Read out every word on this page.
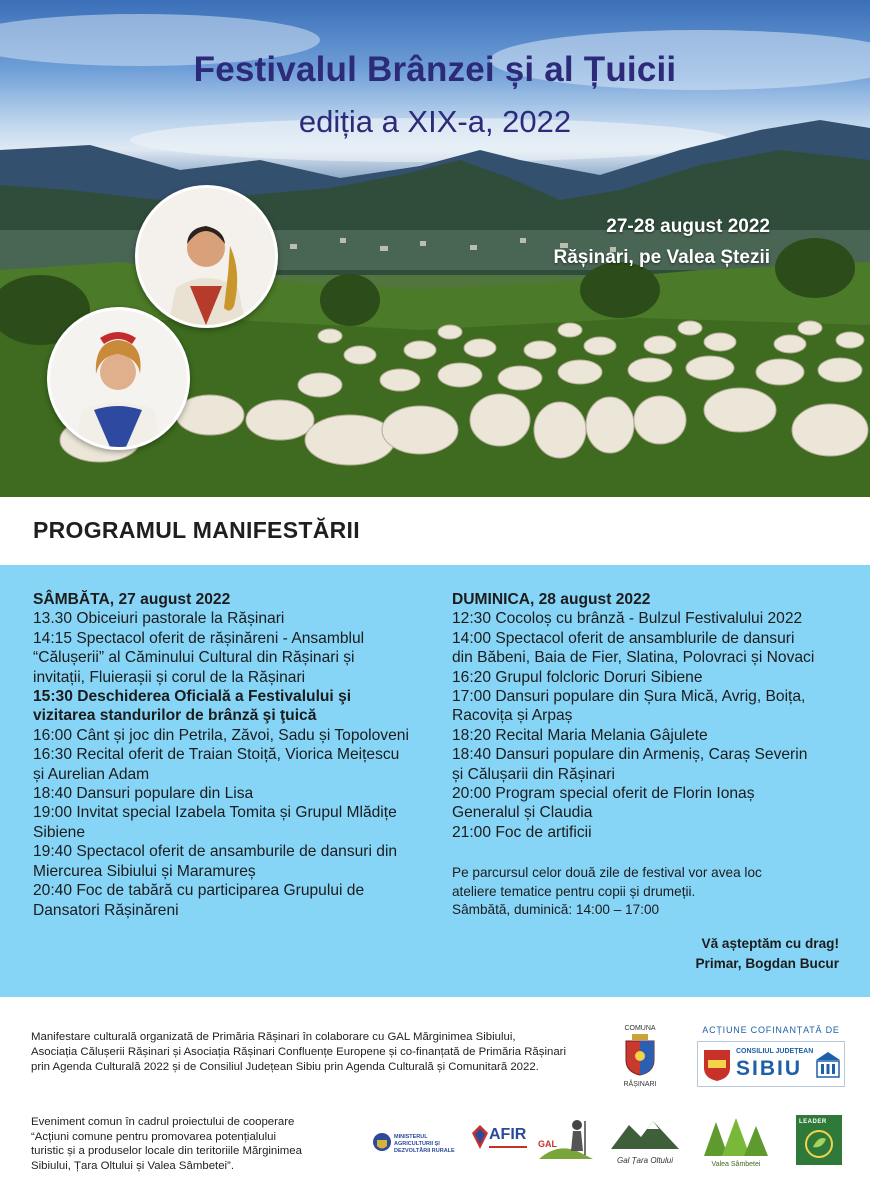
Festivalul Brânzei și al Țuicii
ediția a XIX-a, 2022
27-28 august 2022
Rășinari, pe Valea Ștezii
PROGRAMUL MANIFESTĂRII
SÂMBĂTA, 27 august 2022
13.30 Obiceiuri pastorale la Rășinari
14:15 Spectacol oferit de rășinăreni - Ansamblul
“Călușerii” al Căminului Cultural din Rășinari și
invitații, Fluierașii și corul de la Rășinari
15:30 Deschiderea Oficială a Festivalului şi
vizitarea standurilor de brânză şi ţuică
16:00 Cânt și joc din Petrila, Zăvoi, Sadu și Topoloveni
16:30 Recital oferit de Traian Stoiță, Viorica Meițescu
și Aurelian Adam
18:40 Dansuri populare din Lisa
19:00 Invitat special Izabela Tomita și Grupul Mlădițe
Sibiene
19:40 Spectacol oferit de ansamburile de dansuri din
Miercurea Sibiului și Maramureș
20:40 Foc de tabără cu participarea Grupului de
Dansatori Rășinăreni
DUMINICA, 28 august 2022
12:30 Cocoloș cu brânză - Bulzul Festivalului 2022
14:00 Spectacol oferit de ansamblurile de dansuri
din Băbeni, Baia de Fier, Slatina, Polovraci și Novaci
16:20 Grupul folcloric Doruri Sibiene
17:00 Dansuri populare din Șura Mică, Avrig, Boița,
Racovița și Arpaș
18:20 Recital Maria Melania Gâjulete
18:40 Dansuri populare din Armeniș, Caraș Severin
și Călușarii din Rășinari
20:00 Program special oferit de Florin Ionaș
Generalul și Claudia
21:00 Foc de artificii
Pe parcursul celor două zile de festival vor avea loc
ateliere tematice pentru copii și drumeții.
Sâmbătă, duminică: 14:00 – 17:00
Vă așteptăm cu drag!
Primar, Bogdan Bucur
Manifestare culturală organizată de Primăria Rășinari în colaborare cu GAL Mărginimea Sibiului,
Asociația Călușerii Rășinari și Asociația Rășinari Confluențe Europene și co-finanțată de Primăria Rășinari
prin Agenda Culturală 2022 și de Consiliul Județean Sibiu prin Agenda Culturală și Comunitară 2022.
Eveniment comun în cadrul proiectului de cooperare
“Acțiuni comune pentru promovarea potențialului
turistic și a produselor locale din teritoriile Mărginimea
Sibiului, Țara Oltului și Valea Sâmbetei”.
COMUNA
RĂȘINARI
ACȚIUNE COFINANȚATĂ DE
CONSILIUL JUDEȚEAN
SIBIU
MINISTERUL AGRICULTURII ȘI DEZVOLTĂRII RURALE
AFIR
GAL
Gal Țara Oltului	Valea Sâmbetei
LEADER
